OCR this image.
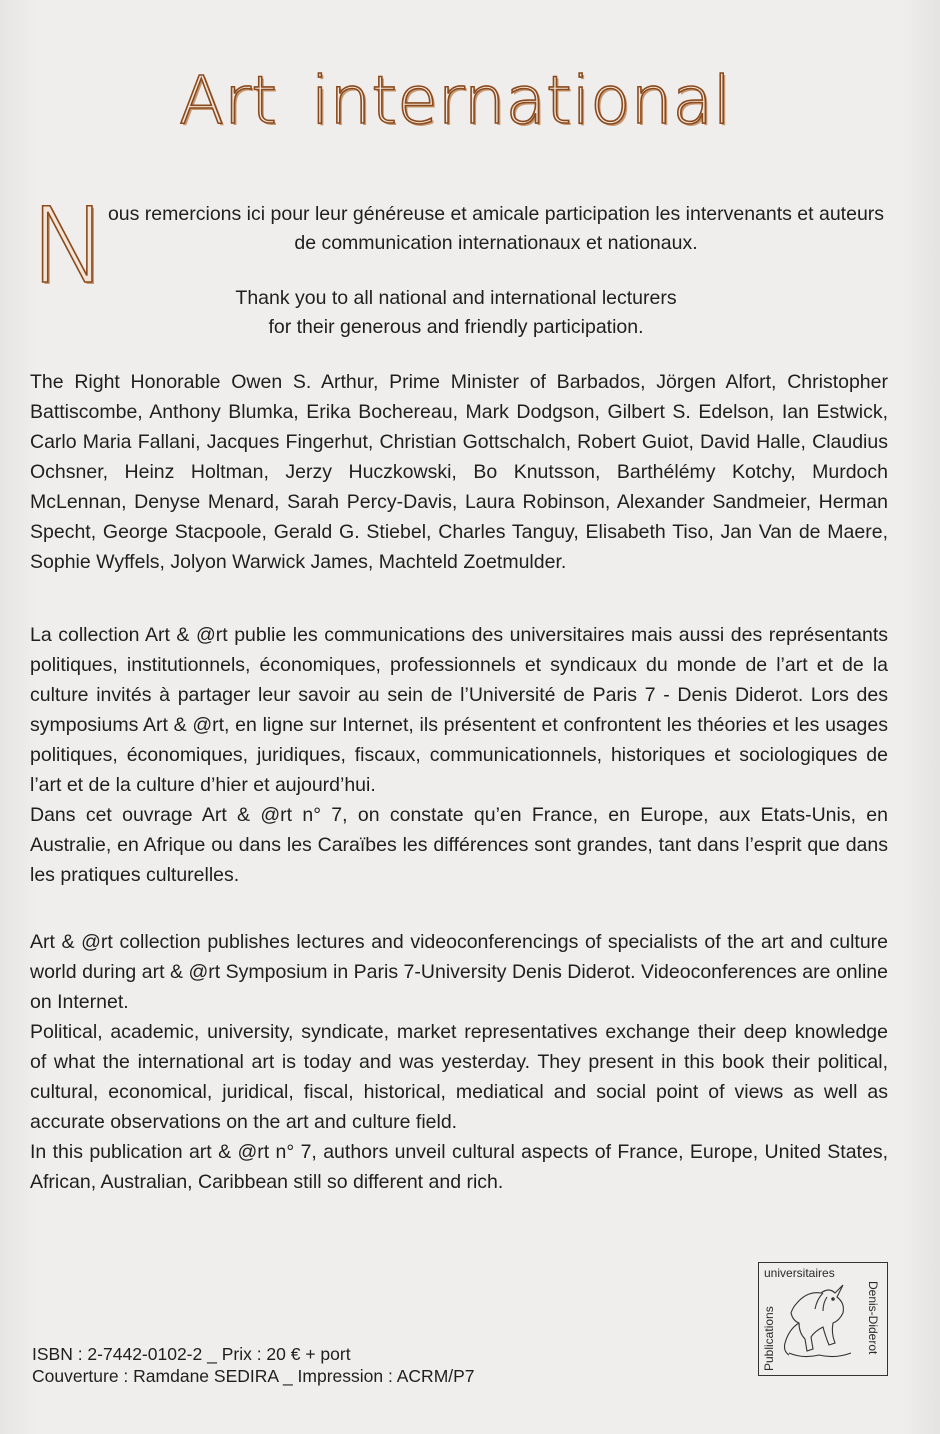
Art international
N ous remercions ici pour leur généreuse et amicale participation les intervenants et auteurs de communication internationaux et nationaux.
Thank you to all national and international lecturers
for their generous and friendly participation.

The Right Honorable Owen S. Arthur, Prime Minister of Barbados, Jörgen Alfort, Christopher Battiscombe, Anthony Blumka, Erika Bochereau, Mark Dodgson, Gilbert S. Edelson, Ian Estwick, Carlo Maria Fallani, Jacques Fingerhut, Christian Gottschalch, Robert Guiot, David Halle, Claudius Ochsner, Heinz Holtman, Jerzy Huczkowski, Bo Knutsson, Barthélémy Kotchy, Murdoch McLennan, Denyse Menard, Sarah Percy-Davis, Laura Robinson, Alexander Sandmeier, Herman Specht, George Stacpoole, Gerald G. Stiebel, Charles Tanguy, Elisabeth Tiso, Jan Van de Maere, Sophie Wyffels, Jolyon Warwick James, Machteld Zoetmulder.

La collection Art & @rt publie les communications des universitaires mais aussi des représentants politiques, institutionnels, économiques, professionnels et syndicaux du monde de l’art et de la culture invités à partager leur savoir au sein de l’Université de Paris 7 - Denis Diderot. Lors des symposiums Art & @rt, en ligne sur Internet, ils présentent et confrontent les théories et les usages politiques, économiques, juridiques, fiscaux, communicationnels, historiques et sociologiques de l’art et de la culture d’hier et aujourd’hui.

Dans cet ouvrage Art & @rt n° 7, on constate qu’en France, en Europe, aux Etats-Unis, en Australie, en Afrique ou dans les Caraïbes les différences sont grandes, tant dans l’esprit que dans les pratiques culturelles.

Art & @rt collection publishes lectures and videoconferencings of specialists of the art and culture world during art & @rt Symposium in Paris 7-University Denis Diderot. Videoconferences are online on Internet.

Political, academic, university, syndicate, market representatives exchange their deep knowledge of what the international art is today and was yesterday. They present in this book their political, cultural, economical, juridical, fiscal, historical, mediatical and social point of views as well as accurate observations on the art and culture field.

In this publication art & @rt n° 7, authors unveil cultural aspects of France, Europe, United States, African, Australian, Caribbean still so different and rich.

ISBN : 2-7442-0102-2 _ Prix : 20 € + port
Couverture : Ramdane SEDIRA _ Impression : ACRM/P7
universitaires
Publications	Denis-Diderot
